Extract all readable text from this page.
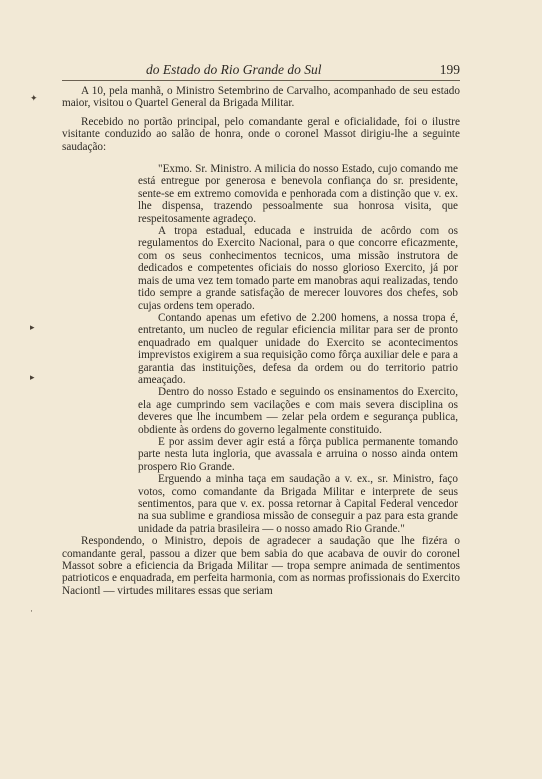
do Estado do Rio Grande do Sul	199

A 10, pela manhã, o Ministro Setembrino de Carvalho, acompanhado de seu estado maior, visitou o Quartel General da Brigada Militar.

Recebido no portão principal, pelo comandante geral e oficialidade, foi o ilustre visitante conduzido ao salão de honra, onde o coronel Massot dirigiu-lhe a seguinte saudação:

"Exmo. Sr. Ministro. A milicia do nosso Estado, cujo comando me está entregue por generosa e benevola confiança do sr. presidente, sente-se em extremo comovida e penhorada com a distinção que v. ex. lhe dispensa, trazendo pessoalmente sua honrosa visita, que respeitosamente agradeço.

A tropa estadual, educada e instruida de acôrdo com os regulamentos do Exercito Nacional, para o que concorre eficazmente, com os seus conhecimentos tecnicos, uma missão instrutora de dedicados e competentes oficiais do nosso glorioso Exercito, já por mais de uma vez tem tomado parte em manobras aqui realizadas, tendo tido sempre a grande satisfação de merecer louvores dos chefes, sob cujas ordens tem operado.

Contando apenas um efetivo de 2.200 homens, a nossa tropa é, entretanto, um nucleo de regular eficiencia militar para ser de pronto enquadrado em qualquer unidade do Exercito se acontecimentos imprevistos exigirem a sua requisição como fôrça auxiliar dele e para a garantia das instituições, defesa da ordem ou do territorio patrio ameaçado.

Dentro do nosso Estado e seguindo os ensinamentos do Exercito, ela age cumprindo sem vacilações e com mais severa disciplina os deveres que lhe incumbem — zelar pela ordem e segurança publica, obdiente às ordens do governo legalmente constituido.

E por assim dever agir está a fôrça publica permanente tomando parte nesta luta ingloria, que avassala e arruina o nosso ainda ontem prospero Rio Grande.

Erguendo a minha taça em saudação a v. ex., sr. Ministro, faço votos, como comandante da Brigada Militar e interprete de seus sentimentos, para que v. ex. possa retornar à Capital Federal vencedor na sua sublime e grandiosa missão de conseguir a paz para esta grande unidade da patria brasileira — o nosso amado Rio Grande."

Respondendo, o Ministro, depois de agradecer a saudação que lhe fizéra o comandante geral, passou a dizer que bem sabia do que acabava de ouvir do coronel Massot sobre a eficiencia da Brigada Militar — tropa sempre animada de sentimentos patrioticos e enquadrada, em perfeita harmonia, com as normas profissionais do Exercito Naciontl — virtudes militares essas que seriam

✦
▸
▸
·
